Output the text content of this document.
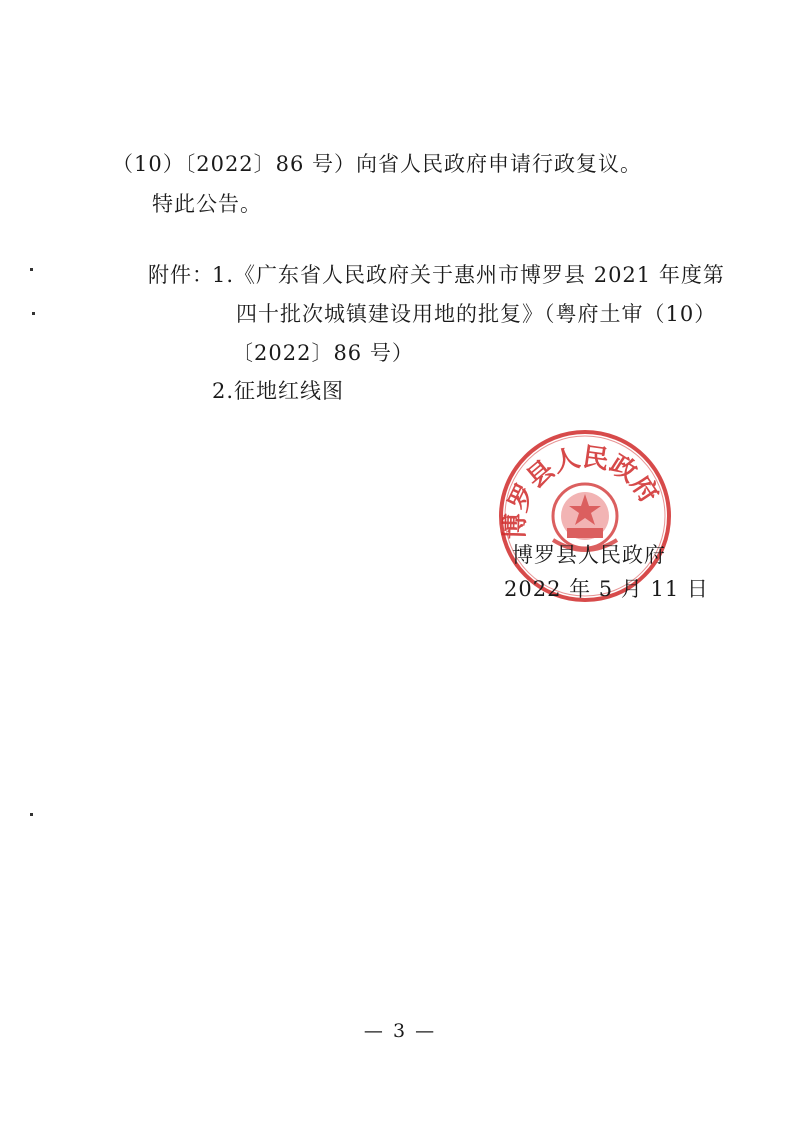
（10）〔2022〕86 号）向省人民政府申请行政复议。
特此公告。
附件：
1.《广东省人民政府关于惠州市博罗县 2021 年度第
四十批次城镇建设用地的批复》（粤府土审（10）
〔2022〕86 号）
2.征地红线图
博罗县人民政府
博罗县人民政府
2022 年 5 月 11 日
— 3 —
